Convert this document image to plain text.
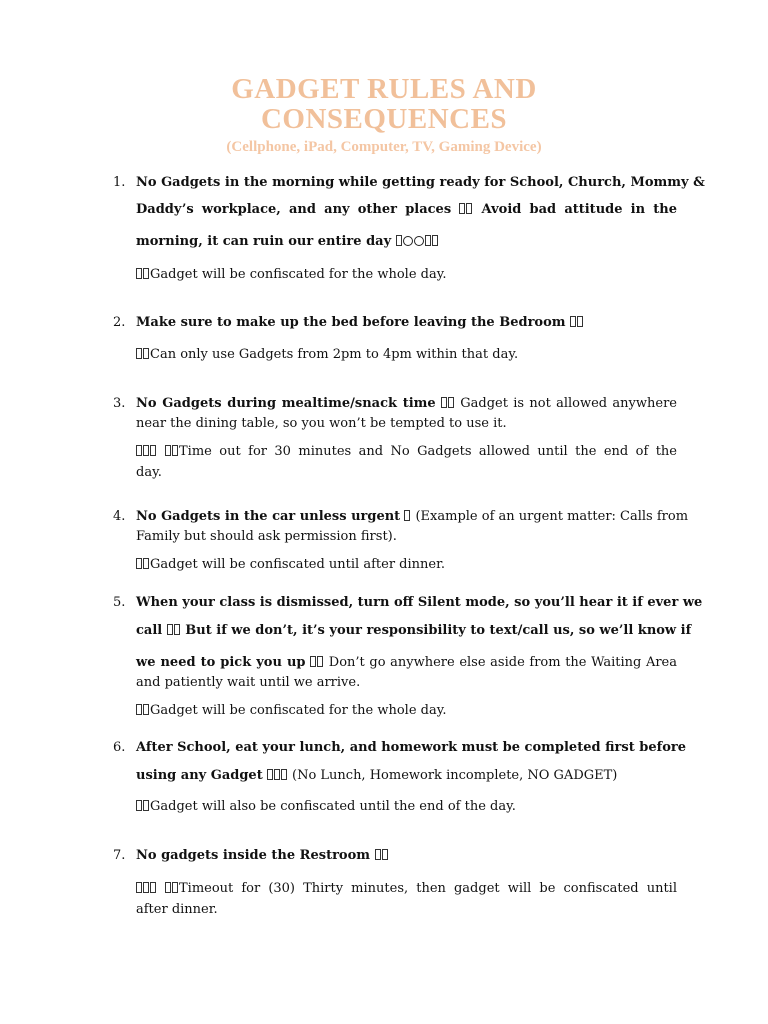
GADGET RULES AND
CONSEQUENCES

(Cellphone, iPad, Computer, TV, Gaming Device)

1. No Gadgets in the morning while getting ready for School, Church, Mommy &

Daddy’s workplace, and any other places Avoid bad attitude in the

morning, it can ruin our entire day

Gadget will be confiscated for the whole day.

2. Make sure to make up the bed before leaving the Bedroom

Can only use Gadgets from 2pm to 4pm within that day.

3. No Gadgets during mealtime/snack time Gadget is not allowed anywhere

near the dining table, so you won’t be tempted to use it.

Time out for 30 minutes and No Gadgets allowed until the end of the

day.

4. No Gadgets in the car unless urgent (Example of an urgent matter: Calls from

Family but should ask permission first).

Gadget will be confiscated until after dinner.

5. When your class is dismissed, turn off Silent mode, so you’ll hear it if ever we

call But if we don’t, it’s your responsibility to text/call us, so we’ll know if

we need to pick you up Don’t go anywhere else aside from the Waiting Area

and patiently wait until we arrive.

Gadget will be confiscated for the whole day.

6. After School, eat your lunch, and homework must be completed first before

using any Gadget (No Lunch, Homework incomplete, NO GADGET)

Gadget will also be confiscated until the end of the day.

7. No gadgets inside the Restroom

Timeout for (30) Thirty minutes, then gadget will be confiscated until

after dinner.
